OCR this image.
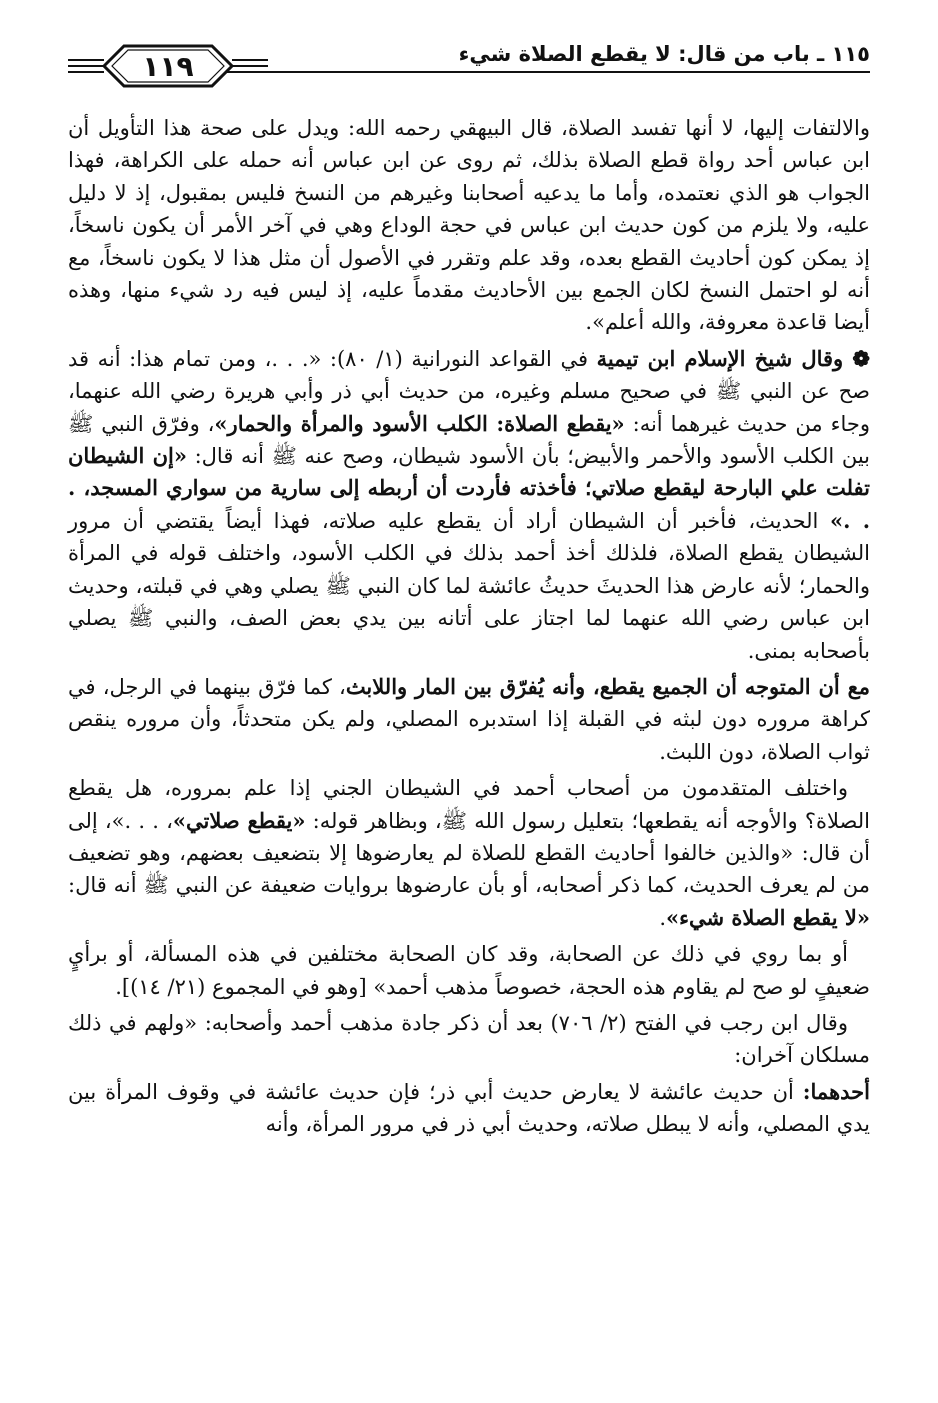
١١٥ ـ باب من قال: لا يقطع الصلاة شيء
١١٩

والالتفات إليها، لا أنها تفسد الصلاة، قال البيهقي رحمه الله: ويدل على صحة هذا التأويل أن ابن عباس أحد رواة قطع الصلاة بذلك، ثم روى عن ابن عباس أنه حمله على الكراهة، فهذا الجواب هو الذي نعتمده، وأما ما يدعيه أصحابنا وغيرهم من النسخ فليس بمقبول، إذ لا دليل عليه، ولا يلزم من كون حديث ابن عباس في حجة الوداع وهي في آخر الأمر أن يكون ناسخاً، إذ يمكن كون أحاديث القطع بعده، وقد علم وتقرر في الأصول أن مثل هذا لا يكون ناسخاً، مع أنه لو احتمل النسخ لكان الجمع بين الأحاديث مقدماً عليه، إذ ليس فيه رد شيء منها، وهذه أيضا قاعدة معروفة، والله أعلم».

❁ وقال شيخ الإسلام ابن تيمية في القواعد النورانية (١/ ٨٠): «. . .، ومن تمام هذا: أنه قد صح عن النبي ﷺ في صحيح مسلم وغيره، من حديث أبي ذر وأبي هريرة رضي الله عنهما، وجاء من حديث غيرهما أنه: «يقطع الصلاة: الكلب الأسود والمرأة والحمار»، وفرّق النبي ﷺ بين الكلب الأسود والأحمر والأبيض؛ بأن الأسود شيطان، وصح عنه ﷺ أنه قال: «إن الشيطان تفلت علي البارحة ليقطع صلاتي؛ فأخذته فأردت أن أربطه إلى سارية من سواري المسجد، . . .» الحديث، فأخبر أن الشيطان أراد أن يقطع عليه صلاته، فهذا أيضاً يقتضي أن مرور الشيطان يقطع الصلاة، فلذلك أخذ أحمد بذلك في الكلب الأسود، واختلف قوله في المرأة والحمار؛ لأنه عارض هذا الحديثَ حديثُ عائشة لما كان النبي ﷺ يصلي وهي في قبلته، وحديث ابن عباس رضي الله عنهما لما اجتاز على أتانه بين يدي بعض الصف، والنبي ﷺ يصلي بأصحابه بمنى.

مع أن المتوجه أن الجميع يقطع، وأنه يُفرّق بين المار واللابث، كما فرّق بينهما في الرجل، في كراهة مروره دون لبثه في القبلة إذا استدبره المصلي، ولم يكن متحدثاً، وأن مروره ينقص ثواب الصلاة، دون اللبث.

واختلف المتقدمون من أصحاب أحمد في الشيطان الجني إذا علم بمروره، هل يقطع الصلاة؟ والأوجه أنه يقطعها؛ بتعليل رسول الله ﷺ، وبظاهر قوله: «يقطع صلاتي»، . . .»، إلى أن قال: «والذين خالفوا أحاديث القطع للصلاة لم يعارضوها إلا بتضعيف بعضهم، وهو تضعيف من لم يعرف الحديث، كما ذكر أصحابه، أو بأن عارضوها بروايات ضعيفة عن النبي ﷺ أنه قال: «لا يقطع الصلاة شيء».

أو بما روي في ذلك عن الصحابة، وقد كان الصحابة مختلفين في هذه المسألة، أو برأيٍ ضعيفٍ لو صح لم يقاوم هذه الحجة، خصوصاً مذهب أحمد» [وهو في المجموع (٢١/ ١٤)].

وقال ابن رجب في الفتح (٢/ ٧٠٦) بعد أن ذكر جادة مذهب أحمد وأصحابه: «ولهم في ذلك مسلكان آخران:

أحدهما: أن حديث عائشة لا يعارض حديث أبي ذر؛ فإن حديث عائشة في وقوف المرأة بين يدي المصلي، وأنه لا يبطل صلاته، وحديث أبي ذر في مرور المرأة، وأنه
